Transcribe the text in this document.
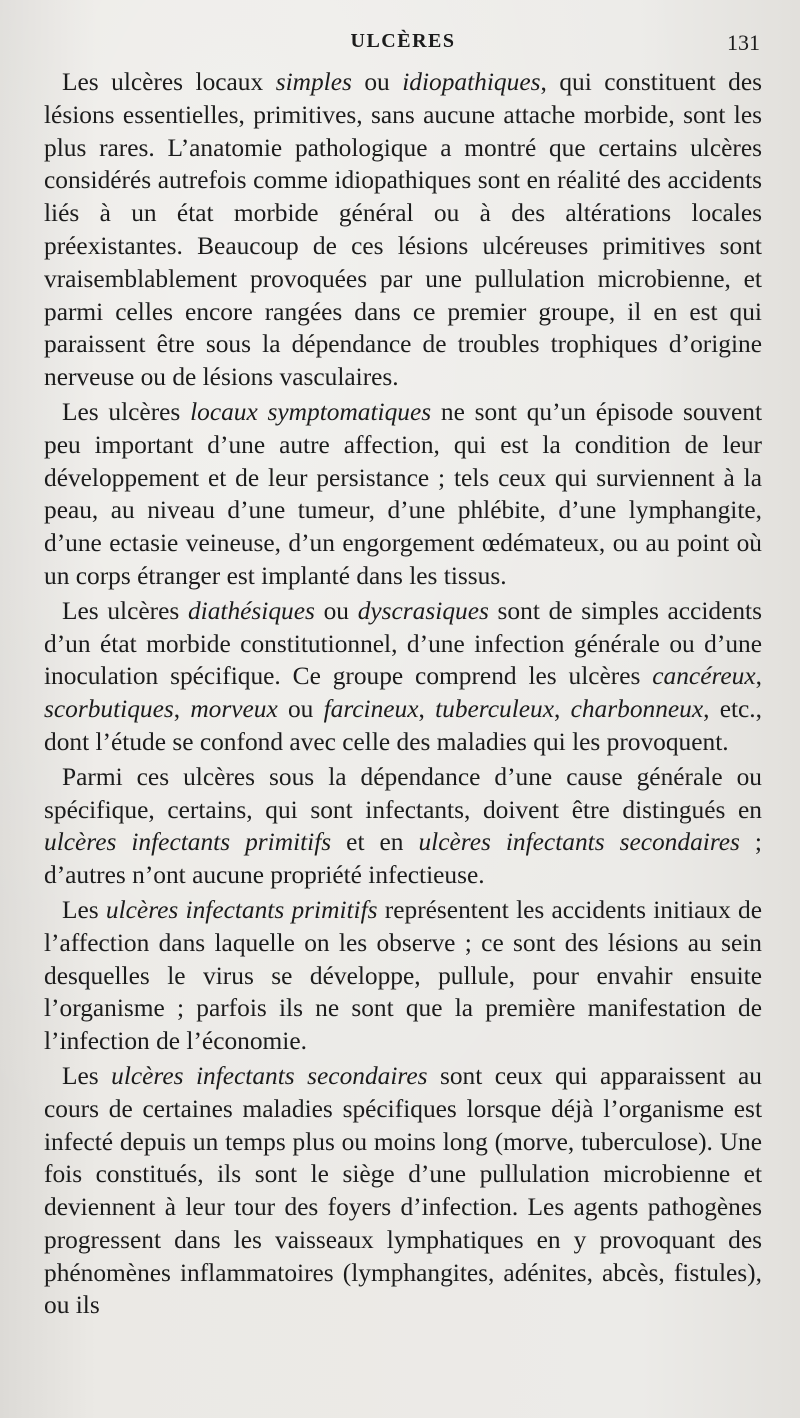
ULCÈRES	131

Les ulcères locaux simples ou idiopathiques, qui constituent des lésions essentielles, primitives, sans aucune attache morbide, sont les plus rares. L’anatomie pathologique a montré que certains ulcères considérés autrefois comme idiopathiques sont en réalité des accidents liés à un état morbide général ou à des altérations locales préexistantes. Beaucoup de ces lésions ulcéreuses primitives sont vraisemblablement provoquées par une pullulation microbienne, et parmi celles encore rangées dans ce premier groupe, il en est qui paraissent être sous la dépendance de troubles trophiques d’origine nerveuse ou de lésions vasculaires.

Les ulcères locaux symptomatiques ne sont qu’un épisode souvent peu important d’une autre affection, qui est la condition de leur développement et de leur persistance ; tels ceux qui surviennent à la peau, au niveau d’une tumeur, d’une phlébite, d’une lymphangite, d’une ectasie veineuse, d’un engorgement œdémateux, ou au point où un corps étranger est implanté dans les tissus.

Les ulcères diathésiques ou dyscrasiques sont de simples accidents d’un état morbide constitutionnel, d’une infection générale ou d’une inoculation spécifique. Ce groupe comprend les ulcères cancéreux, scorbutiques, morveux ou farcineux, tuberculeux, charbonneux, etc., dont l’étude se confond avec celle des maladies qui les provoquent.

Parmi ces ulcères sous la dépendance d’une cause générale ou spécifique, certains, qui sont infectants, doivent être distingués en ulcères infectants primitifs et en ulcères infectants secondaires ; d’autres n’ont aucune propriété infectieuse.

Les ulcères infectants primitifs représentent les accidents initiaux de l’affection dans laquelle on les observe ; ce sont des lésions au sein desquelles le virus se développe, pullule, pour envahir ensuite l’organisme ; parfois ils ne sont que la première manifestation de l’infection de l’économie.

Les ulcères infectants secondaires sont ceux qui apparaissent au cours de certaines maladies spécifiques lorsque déjà l’organisme est infecté depuis un temps plus ou moins long (morve, tuberculose). Une fois constitués, ils sont le siège d’une pullulation microbienne et deviennent à leur tour des foyers d’infection. Les agents pathogènes progressent dans les vaisseaux lymphatiques en y provoquant des phénomènes inflammatoires (lymphangites, adénites, abcès, fistules), ou ils
